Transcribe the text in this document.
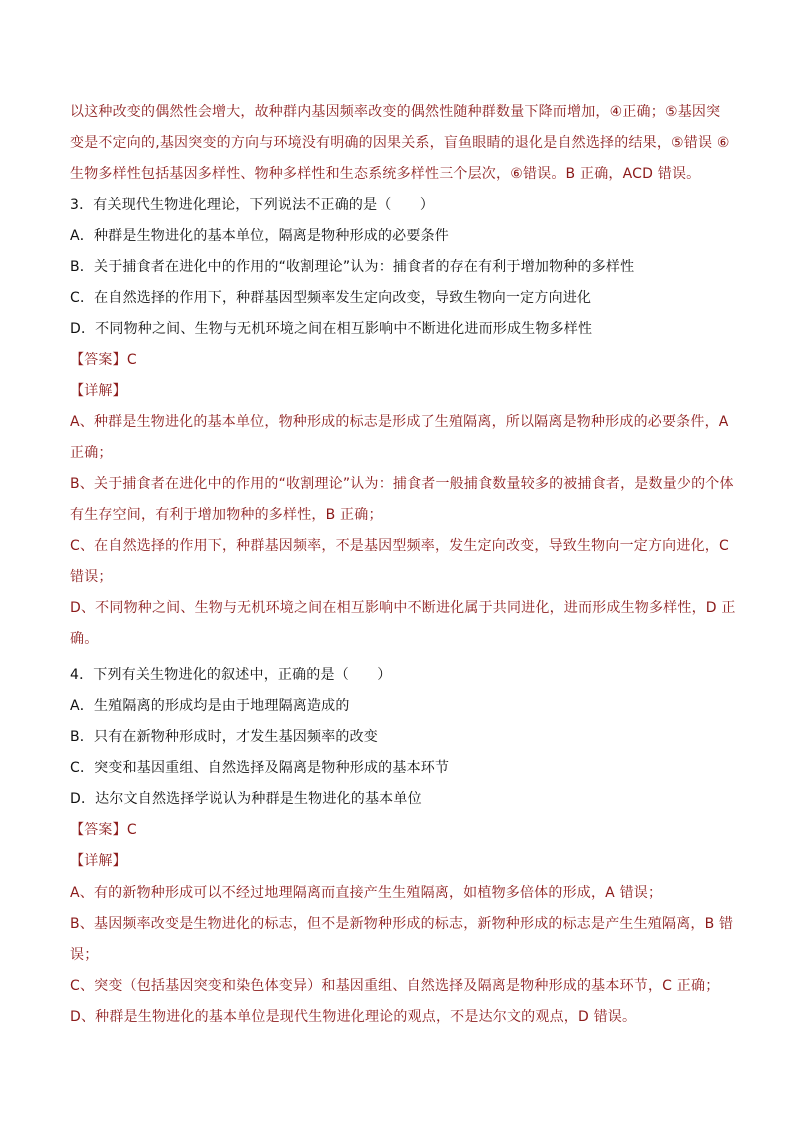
以这种改变的偶然性会增大，故种群内基因频率改变的偶然性随种群数量下降而增加，④正确；⑤基因突
变是不定向的,基因突变的方向与环境没有明确的因果关系，盲鱼眼睛的退化是自然选择的结果，⑤错误 ⑥
生物多样性包括基因多样性、物种多样性和生态系统多样性三个层次，⑥错误。B 正确，ACD 错误。
3．有关现代生物进化理论，下列说法不正确的是（　　）
A．种群是生物进化的基本单位，隔离是物种形成的必要条件
B．关于捕食者在进化中的作用的“收割理论”认为：捕食者的存在有利于增加物种的多样性
C．在自然选择的作用下，种群基因型频率发生定向改变，导致生物向一定方向进化
D．不同物种之间、生物与无机环境之间在相互影响中不断进化进而形成生物多样性
【答案】C
【详解】
A、种群是生物进化的基本单位，物种形成的标志是形成了生殖隔离，所以隔离是物种形成的必要条件，A
正确；
B、关于捕食者在进化中的作用的“收割理论”认为：捕食者一般捕食数量较多的被捕食者，是数量少的个体
有生存空间，有利于增加物种的多样性，B 正确；
C、在自然选择的作用下，种群基因频率，不是基因型频率，发生定向改变，导致生物向一定方向进化，C
错误；
D、不同物种之间、生物与无机环境之间在相互影响中不断进化属于共同进化，进而形成生物多样性，D 正
确。
4．下列有关生物进化的叙述中，正确的是（　　）
A．生殖隔离的形成均是由于地理隔离造成的
B．只有在新物种形成时，才发生基因频率的改变
C．突变和基因重组、自然选择及隔离是物种形成的基本环节
D．达尔文自然选择学说认为种群是生物进化的基本单位
【答案】C
【详解】
A、有的新物种形成可以不经过地理隔离而直接产生生殖隔离，如植物多倍体的形成，A 错误；
B、基因频率改变是生物进化的标志，但不是新物种形成的标志，新物种形成的标志是产生生殖隔离，B 错
误；
C、突变（包括基因突变和染色体变异）和基因重组、自然选择及隔离是物种形成的基本环节，C 正确；
D、种群是生物进化的基本单位是现代生物进化理论的观点，不是达尔文的观点，D 错误。
